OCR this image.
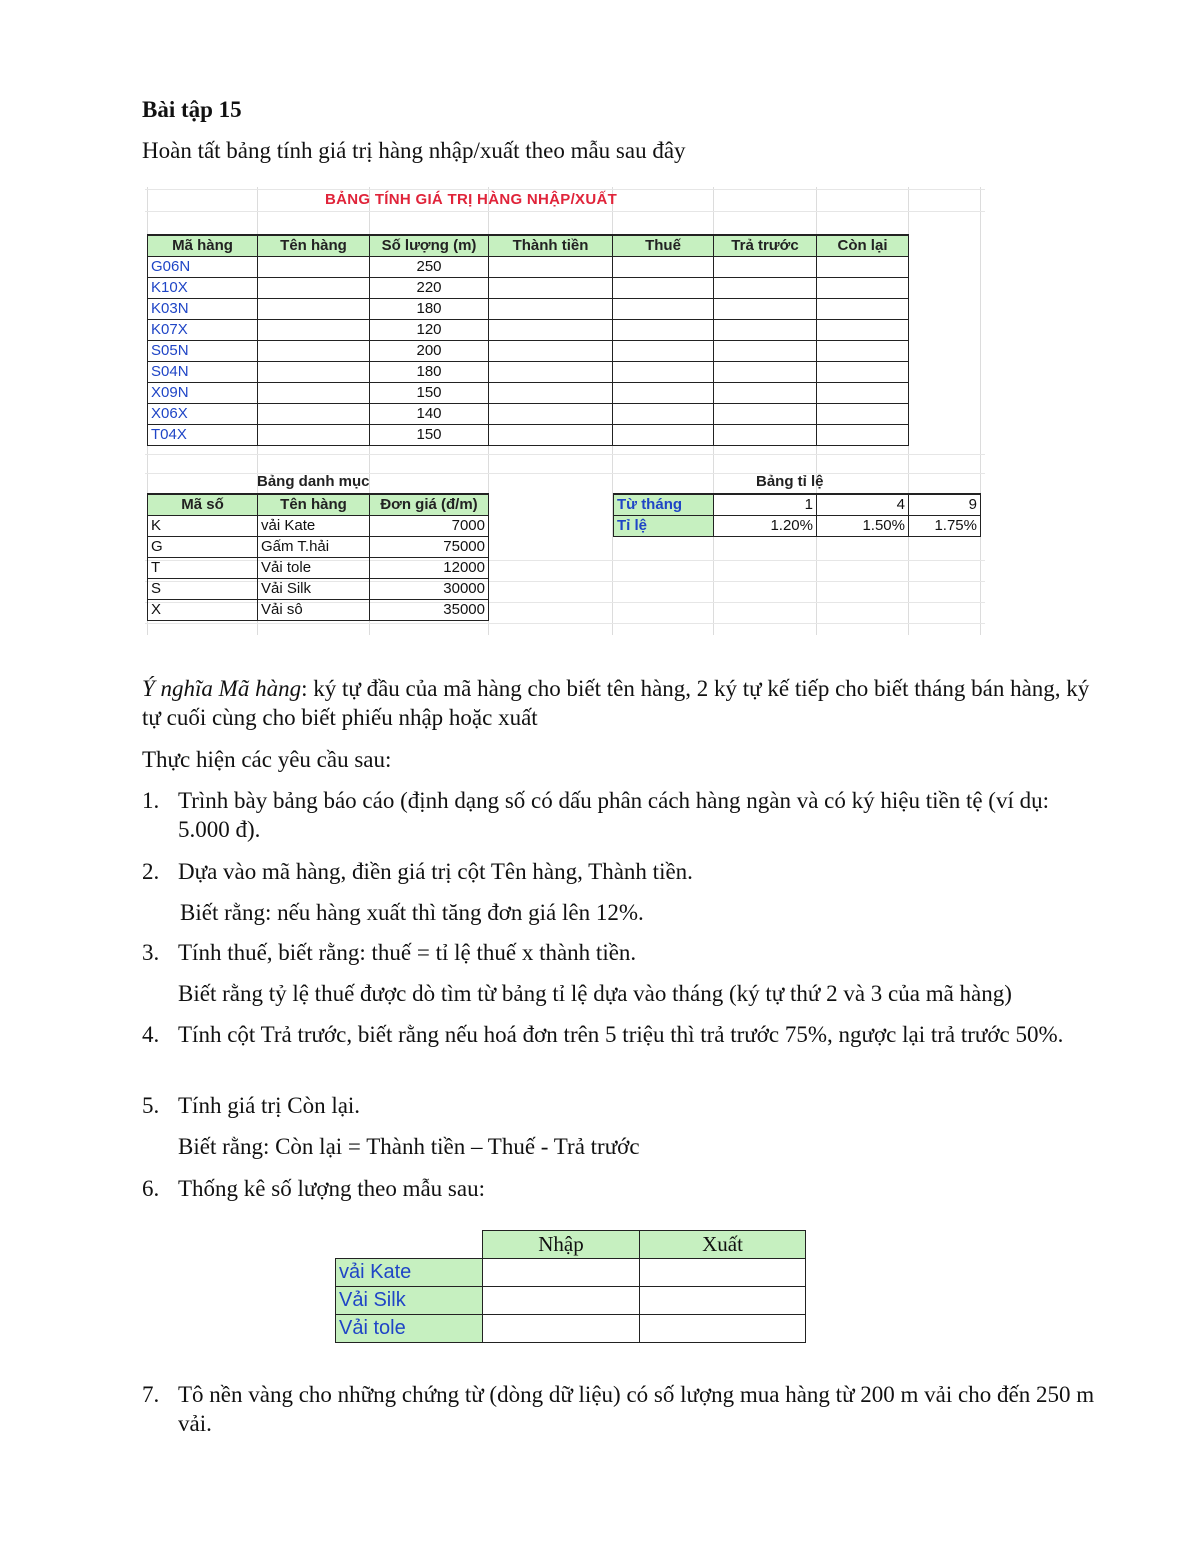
Bài tập 15
Hoàn tất bảng tính giá trị hàng nhập/xuất theo mẫu sau đây
BẢNG TÍNH GIÁ TRỊ HÀNG NHẬP/XUẤT
Mã hàng	Tên hàng	Số lượng (m)	Thành tiền	Thuế	Trả trước	Còn lại
G06N		250				
K10X		220				
K03N		180				
K07X		120				
S05N		200				
S04N		180				
X09N		150				
X06X		140				
T04X		150				
Bảng danh mục
Mã số	Tên hàng	Đơn giá (đ/m)
K	vải Kate	7000
G	Gấm T.hải	75000
T	Vải tole	12000
S	Vải Silk	30000
X	Vải sô	35000
Bảng tỉ lệ
Từ tháng	1	4	9
Tỉ lệ	1.20%	1.50%	1.75%
Ý nghĩa Mã hàng: ký tự đầu của mã hàng cho biết tên hàng, 2 ký tự kế tiếp cho biết tháng bán hàng, ký tự cuối cùng cho biết phiếu nhập hoặc xuất
Thực hiện các yêu cầu sau:
1. Trình bày bảng báo cáo (định dạng số có dấu phân cách hàng ngàn và có ký hiệu tiền tệ (ví dụ: 5.000 đ).
2. Dựa vào mã hàng, điền giá trị cột Tên hàng, Thành tiền.
Biết rằng: nếu hàng xuất thì tăng đơn giá lên 12%.
3. Tính thuế, biết rằng: thuế = tỉ lệ thuế x thành tiền.
Biết rằng tỷ lệ thuế được dò tìm từ bảng tỉ lệ dựa vào tháng (ký tự thứ 2 và 3 của mã hàng)
4. Tính cột Trả trước, biết rằng nếu hoá đơn trên 5 triệu thì trả trước 75%, ngược lại trả trước 50%.
5. Tính giá trị Còn lại.
Biết rằng: Còn lại = Thành tiền – Thuế - Trả trước
6. Thống kê số lượng theo mẫu sau:
	Nhập	Xuất
vải Kate		
Vải Silk		
Vải tole		
7. Tô nền vàng cho những chứng từ (dòng dữ liệu) có số lượng mua hàng từ 200 m vải cho đến 250 m vải.
